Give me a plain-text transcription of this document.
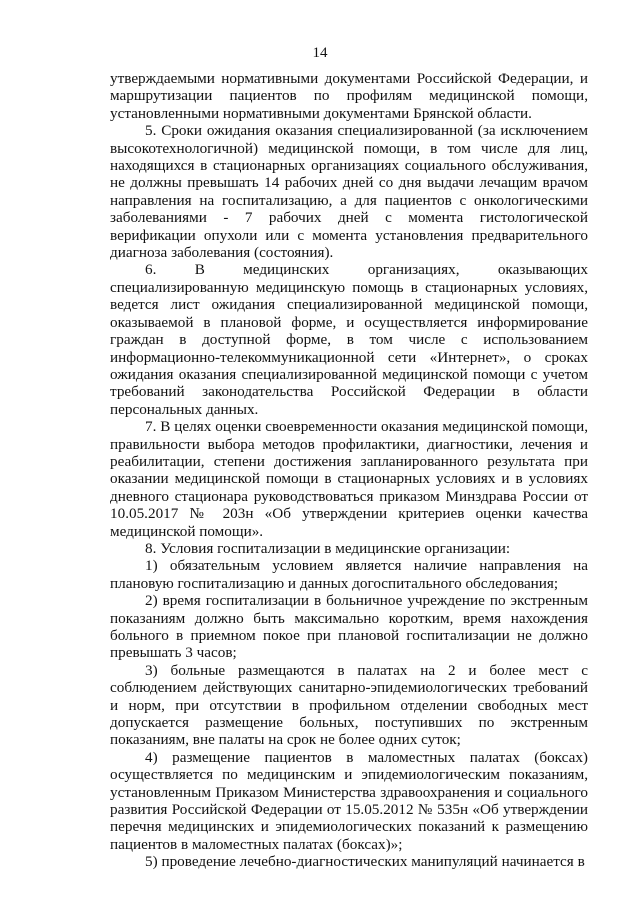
14

утверждаемыми нормативными документами Российской Федерации, и маршрутизации пациентов по профилям медицинской помощи, установленными нормативными документами Брянской области.

5. Сроки ожидания оказания специализированной (за исключением высокотехнологичной) медицинской помощи, в том числе для лиц, находящихся в стационарных организациях социального обслуживания, не должны превышать 14 рабочих дней со дня выдачи лечащим врачом направления на госпитализацию, а для пациентов с онкологическими заболеваниями - 7 рабочих дней с момента гистологической верификации опухоли или с момента установления предварительного диагноза заболевания (состояния).

6. В медицинских организациях, оказывающих специализированную медицинскую помощь в стационарных условиях, ведется лист ожидания специализированной медицинской помощи, оказываемой в плановой форме, и осуществляется информирование граждан в доступной форме, в том числе с использованием информационно-телекоммуникационной сети «Интернет», о сроках ожидания оказания специализированной медицинской помощи с учетом требований законодательства Российской Федерации в области персональных данных.

7. В целях оценки своевременности оказания медицинской помощи, правильности выбора методов профилактики, диагностики, лечения и реабилитации, степени достижения запланированного результата при оказании медицинской помощи в стационарных условиях и в условиях дневного стационара руководствоваться приказом Минздрава России от 10.05.2017 № 203н «Об утверждении критериев оценки качества медицинской помощи».

8. Условия госпитализации в медицинские организации:

1) обязательным условием является наличие направления на плановую госпитализацию и данных догоспитального обследования;

2) время госпитализации в больничное учреждение по экстренным показаниям должно быть максимально коротким, время нахождения больного в приемном покое при плановой госпитализации не должно превышать 3 часов;

3) больные размещаются в палатах на 2 и более мест с соблюдением действующих санитарно-эпидемиологических требований и норм, при отсутствии в профильном отделении свободных мест допускается размещение больных, поступивших по экстренным показаниям, вне палаты на срок не более одних суток;

4) размещение пациентов в маломестных палатах (боксах) осуществляется по медицинским и эпидемиологическим показаниям, установленным Приказом Министерства здравоохранения и социального развития Российской Федерации от 15.05.2012 № 535н «Об утверждении перечня медицинских и эпидемиологических показаний к размещению пациентов в маломестных палатах (боксах)»;

5) проведение лечебно-диагностических манипуляций начинается в
